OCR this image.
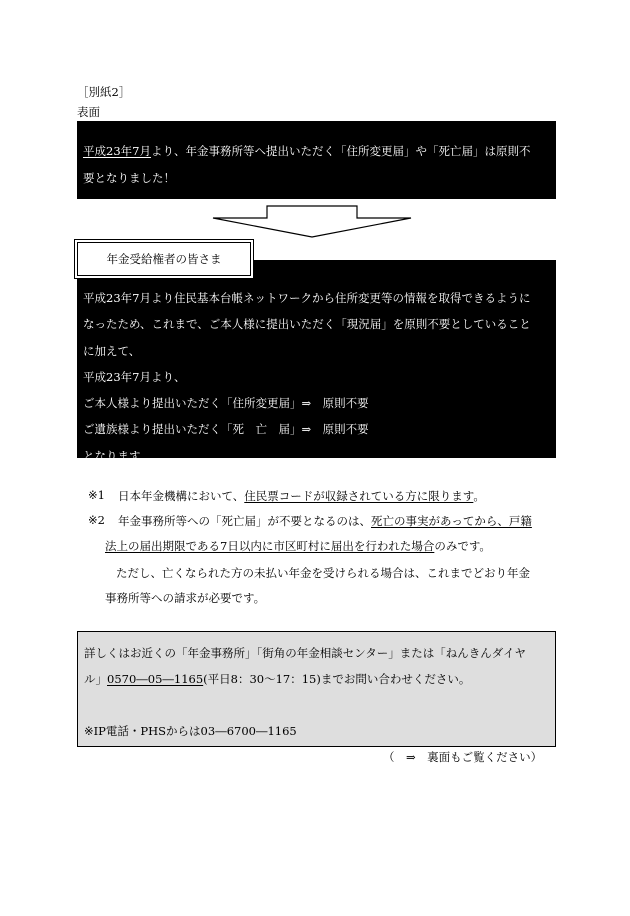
［別紙2］
表面
平成23年7月より、年金事務所等へ提出いただく「住所変更届」や「死亡届」は原則不
要となりました！
平成23年7月より住民基本台帳ネットワークから住所変更等の情報を取得できるように
なったため、これまで、ご本人様に提出いただく「現況届」を原則不要としていること
に加えて、
平成23年7月より、
ご本人様より提出いただく「住所変更届」⇒　原則不要
ご遺族様より提出いただく「死　亡　届」⇒　原則不要
となります。
年金受給権者の皆さま
※1 日本年金機構において、住民票コードが収録されている方に限ります。
※2 年金事務所等への「死亡届」が不要となるのは、死亡の事実があってから、戸籍
法上の届出期限である7日以内に市区町村に届出を行われた場合のみです。
ただし、亡くなられた方の未払い年金を受けられる場合は、これまでどおり年金
事務所等への請求が必要です。
詳しくはお近くの「年金事務所」「街角の年金相談センター」または「ねんきんダイヤ
ル」0570―05―1165(平日8：30～17：15)までお問い合わせください。
※IP電話・PHSからは03―6700―1165
（　⇒　裏面もご覧ください）
